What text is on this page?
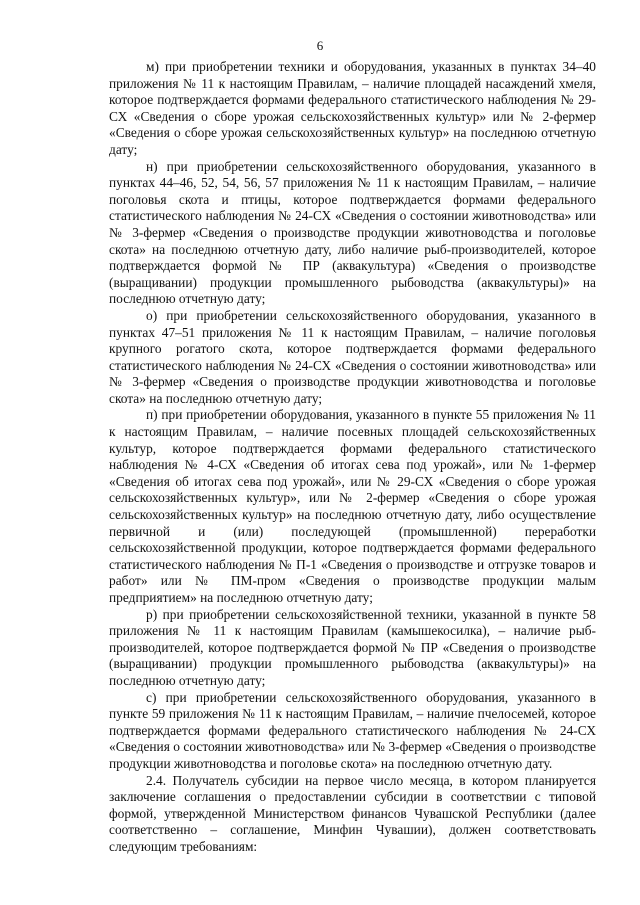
6

м) при приобретении техники и оборудования, указанных в пунктах 34–40 приложения № 11 к настоящим Правилам, – наличие площадей насаждений хмеля, которое подтверждается формами федерального статистического наблюдения № 29-СХ «Сведения о сборе урожая сельскохозяйственных культур» или № 2-фермер «Сведения о сборе урожая сельскохозяйственных культур» на последнюю отчетную дату;

н) при приобретении сельскохозяйственного оборудования, указанного в пунктах 44–46, 52, 54, 56, 57 приложения № 11 к настоящим Правилам, – наличие поголовья скота и птицы, которое подтверждается формами федерального статистического наблюдения № 24-СХ «Сведения о состоянии животноводства» или № 3-фермер «Сведения о производстве продукции животноводства и поголовье скота» на последнюю отчетную дату, либо наличие рыб-производителей, которое подтверждается формой № ПР (аквакультура) «Сведения о производстве (выращивании) продукции промышленного рыбоводства (аквакультуры)» на последнюю отчетную дату;

о) при приобретении сельскохозяйственного оборудования, указанного в пунктах 47–51 приложения № 11 к настоящим Правилам, – наличие поголовья крупного рогатого скота, которое подтверждается формами федерального статистического наблюдения № 24-СХ «Сведения о состоянии животноводства» или № 3-фермер «Сведения о производстве продукции животноводства и поголовье скота» на последнюю отчетную дату;

п) при приобретении оборудования, указанного в пункте 55 приложения № 11 к настоящим Правилам, – наличие посевных площадей сельскохозяйственных культур, которое подтверждается формами федерального статистического наблюдения № 4-СХ «Сведения об итогах сева под урожай», или № 1-фермер «Сведения об итогах сева под урожай», или № 29-СХ «Сведения о сборе урожая сельскохозяйственных культур», или № 2-фермер «Сведения о сборе урожая сельскохозяйственных культур» на последнюю отчетную дату, либо осуществление первичной и (или) последующей (промышленной) переработки сельскохозяйственной продукции, которое подтверждается формами федерального статистического наблюдения № П-1 «Сведения о производстве и отгрузке товаров и работ» или № ПМ-пром «Сведения о производстве продукции малым предприятием» на последнюю отчетную дату;

р) при приобретении сельскохозяйственной техники, указанной в пункте 58 приложения № 11 к настоящим Правилам (камышекосилка), – наличие рыб-производителей, которое подтверждается формой № ПР «Сведения о производстве (выращивании) продукции промышленного рыбоводства (аквакультуры)» на последнюю отчетную дату;

с) при приобретении сельскохозяйственного оборудования, указанного в пункте 59 приложения № 11 к настоящим Правилам, – наличие пчелосемей, которое подтверждается формами федерального статистического наблюдения № 24-СХ «Сведения о состоянии животноводства» или № 3-фермер «Сведения о производстве продукции животноводства и поголовье скота» на последнюю отчетную дату.

2.4. Получатель субсидии на первое число месяца, в котором планируется заключение соглашения о предоставлении субсидии в соответствии с типовой формой, утвержденной Министерством финансов Чувашской Республики (далее соответственно – соглашение, Минфин Чувашии), должен соответствовать следующим требованиям:
